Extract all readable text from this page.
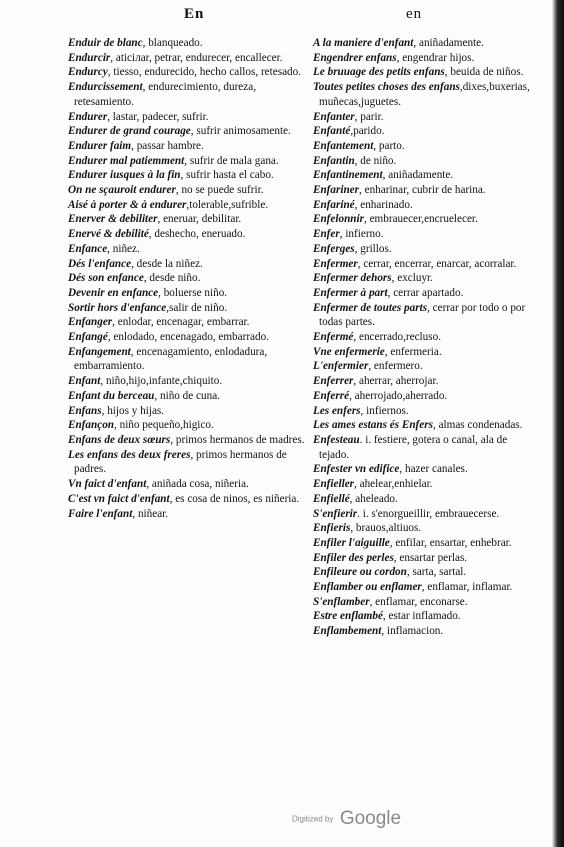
En	en

Enduir de blanc, blanqueado.

Endurcir, aticiлar, petrar, endurecer, encallecer.

Endurcy, tiesso, endurecido, hecho callos, retesado.

Endurcissement, endurecimiento, dureza, retesamiento.

Endurer, lastar, padecer, sufrir.

Endurer de grand courage, sufrir animosamente.

Endurer faim, passar hambre.

Endurer mal patiemment, sufrir de mala gana.

Endurer iusques à la fin, sufrir hasta el cabo.

On ne sçauroit endurer, no se puede sufrir.

Aisé à porter & à endurer,tolerable,sufrible.

Enerver & debiliter, eneruar, debilitar.

Enervé & debilité, deshecho, eneruado.

Enfance, niñez.

Dés l'enfance, desde la niñez.

Dés son enfance, desde niño.

Devenir en enfance, boluerse niño.

Sortir hors d'enfance,salir de niño.

Enfanger, enlodar, encenagar, embarrar.

Enfangé, enlodado, encenagado, embarrado.

Enfangement, encenagamiento, enlodadura, embarramiento.

Enfant, niño,hijo,infante,chiquito.

Enfant du berceau, niño de cuna.

Enfans, hijos y hijas.

Enfançon, niño pequeño,higico.

Enfans de deux sœurs, primos hermanos de madres.

Les enfans des deux freres, primos hermanos de padres.

Vn faict d'enfant, aniñada cosa, niñeria.

C'est vn faict d'enfant, es cosa de ninos, es niñeria.

Faire l'enfant, niñear.

A la maniere d'enfant, aniñadamente.

Engendrer enfans, engendrar hijos.

Le bruuage des petits enfans, beuida de niños.

Toutes petites choses des enfans,dixes,buxerias, muñecas,juguetes.

Enfanter, parir.

Enfanté,parido.

Enfantement, parto.

Enfantin, de niño.

Enfantinement, aniñadamente.

Enfariner, enharinar, cubrir de harina.

Enfariné, enharinado.

Enfelonnir, embrauecer,encruelecer.

Enfer, infierno.

Enferges, grillos.

Enfermer, cerrar, encerrar, enarcar, acorralar.

Enfermer dehors, excluyr.

Enfermer à part, cerrar apartado.

Enfermer de toutes parts, cerrar por todo o por todas partes.

Enfermé, encerrado,recluso.

Vne enfermerie, enfermeria.

L'enfermier, enfermero.

Enferrer, aherrar, aherrojar.

Enferré, aherrojado,aherrado.

Les enfers, infiernos.

Les ames estans és Enfers, almas condenadas.

Enfesteau. i. festiere, gotera o canal, ala de tejado.

Enfester vn edifice, hazer canales.

Enfieller, ahelear,enhielar.

Enfiellé, aheleado.

S'enfierir. i. s'enorgueillir, embrauecerse.

Enfieris, brauos,altiuos.

Enfiler l'aiguille, enfilar, ensartar, enhebrar.

Enfiler des perles, ensartar perlas.

Enfileure ou cordon, sarta, sartal.

Enflamber ou enflamer, enflamar, inflamar.

S'enflamber, enflamar, enconarse.

Estre enflambé, estar inflamado.

Enflambement, inflamacion.

Digitized by Google
